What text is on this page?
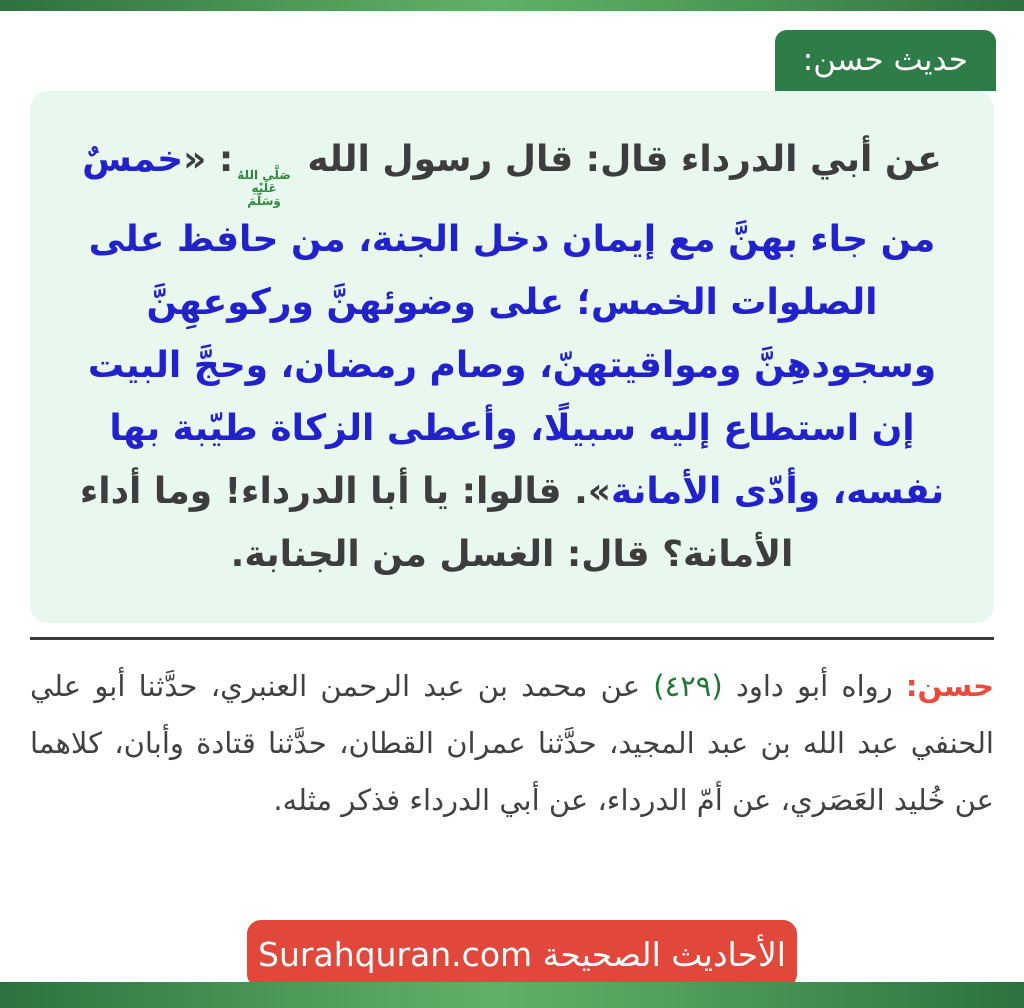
حديث حسن:

عن أبي الدرداء قال: قال رسول الله
صَلَّى اللهُ
عَلَيْهِ
وَسَلَّمَ
: «خمسٌ من جاء بهنَّ مع إيمان دخل الجنة، من حافظ على الصلوات الخمس؛ على وضوئهنَّ وركوعهِنَّ وسجودهِنَّ ومواقيتهنّ، وصام رمضان، وحجَّ البيت إن استطاع إليه سبيلًا، وأعطى الزكاة طيّبة بها نفسه، وأدّى الأمانة». قالوا: يا أبا الدرداء! وما أداء الأمانة؟ قال: الغسل من الجنابة.

حسن: رواه أبو داود (٤٢٩) عن محمد بن عبد الرحمن العنبري، حدَّثنا أبو علي الحنفي عبد الله بن عبد المجيد، حدَّثنا عمران القطان، حدَّثنا قتادة وأبان، كلاهما عن خُليد العَصَري، عن أمّ الدرداء، عن أبي الدرداء فذكر مثله.

الأحاديث الصحيحة Surahquran.com
